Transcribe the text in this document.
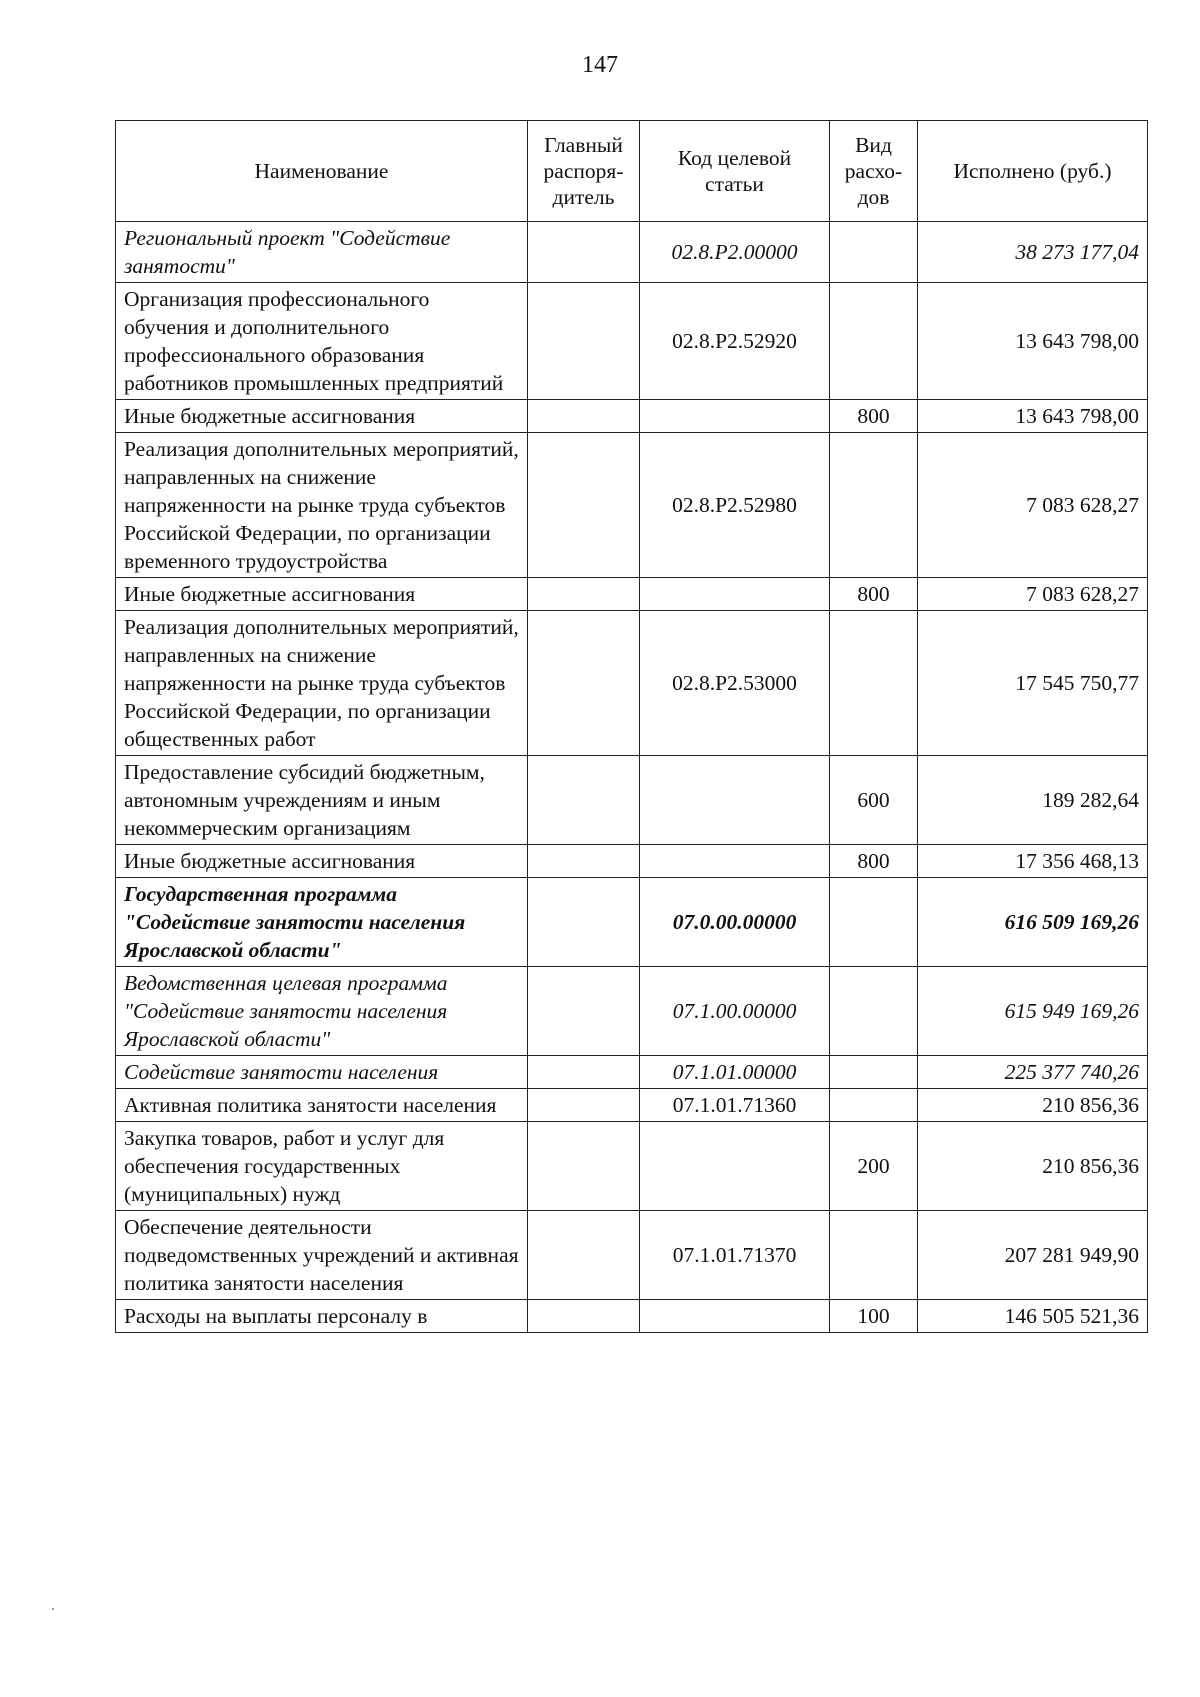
147
Наименование	Главный распоря-дитель	Код целевой статьи	Вид расхо-дов	Исполнено (руб.)
Региональный проект "Содействие занятости"		02.8.P2.00000		38 273 177,04
Организация профессионального обучения и дополнительного профессионального образования работников промышленных предприятий		02.8.P2.52920		13 643 798,00
Иные бюджетные ассигнования			800	13 643 798,00
Реализация дополнительных мероприятий, направленных на снижение напряженности на рынке труда субъектов Российской Федерации, по организации временного трудоустройства		02.8.P2.52980		7 083 628,27
Иные бюджетные ассигнования			800	7 083 628,27
Реализация дополнительных мероприятий, направленных на снижение напряженности на рынке труда субъектов Российской Федерации, по организации общественных работ		02.8.P2.53000		17 545 750,77
Предоставление субсидий бюджетным, автономным учреждениям и иным некоммерческим организациям			600	189 282,64
Иные бюджетные ассигнования			800	17 356 468,13
Государственная программа "Содействие занятости населения Ярославской области"		07.0.00.00000		616 509 169,26
Ведомственная целевая программа "Содействие занятости населения Ярославской области"		07.1.00.00000		615 949 169,26
Содействие занятости населения		07.1.01.00000		225 377 740,26
Активная политика занятости населения		07.1.01.71360		210 856,36
Закупка товаров, работ и услуг для обеспечения государственных (муниципальных) нужд			200	210 856,36
Обеспечение деятельности подведомственных учреждений и активная политика занятости населения		07.1.01.71370		207 281 949,90
Расходы на выплаты персоналу в			100	146 505 521,36
